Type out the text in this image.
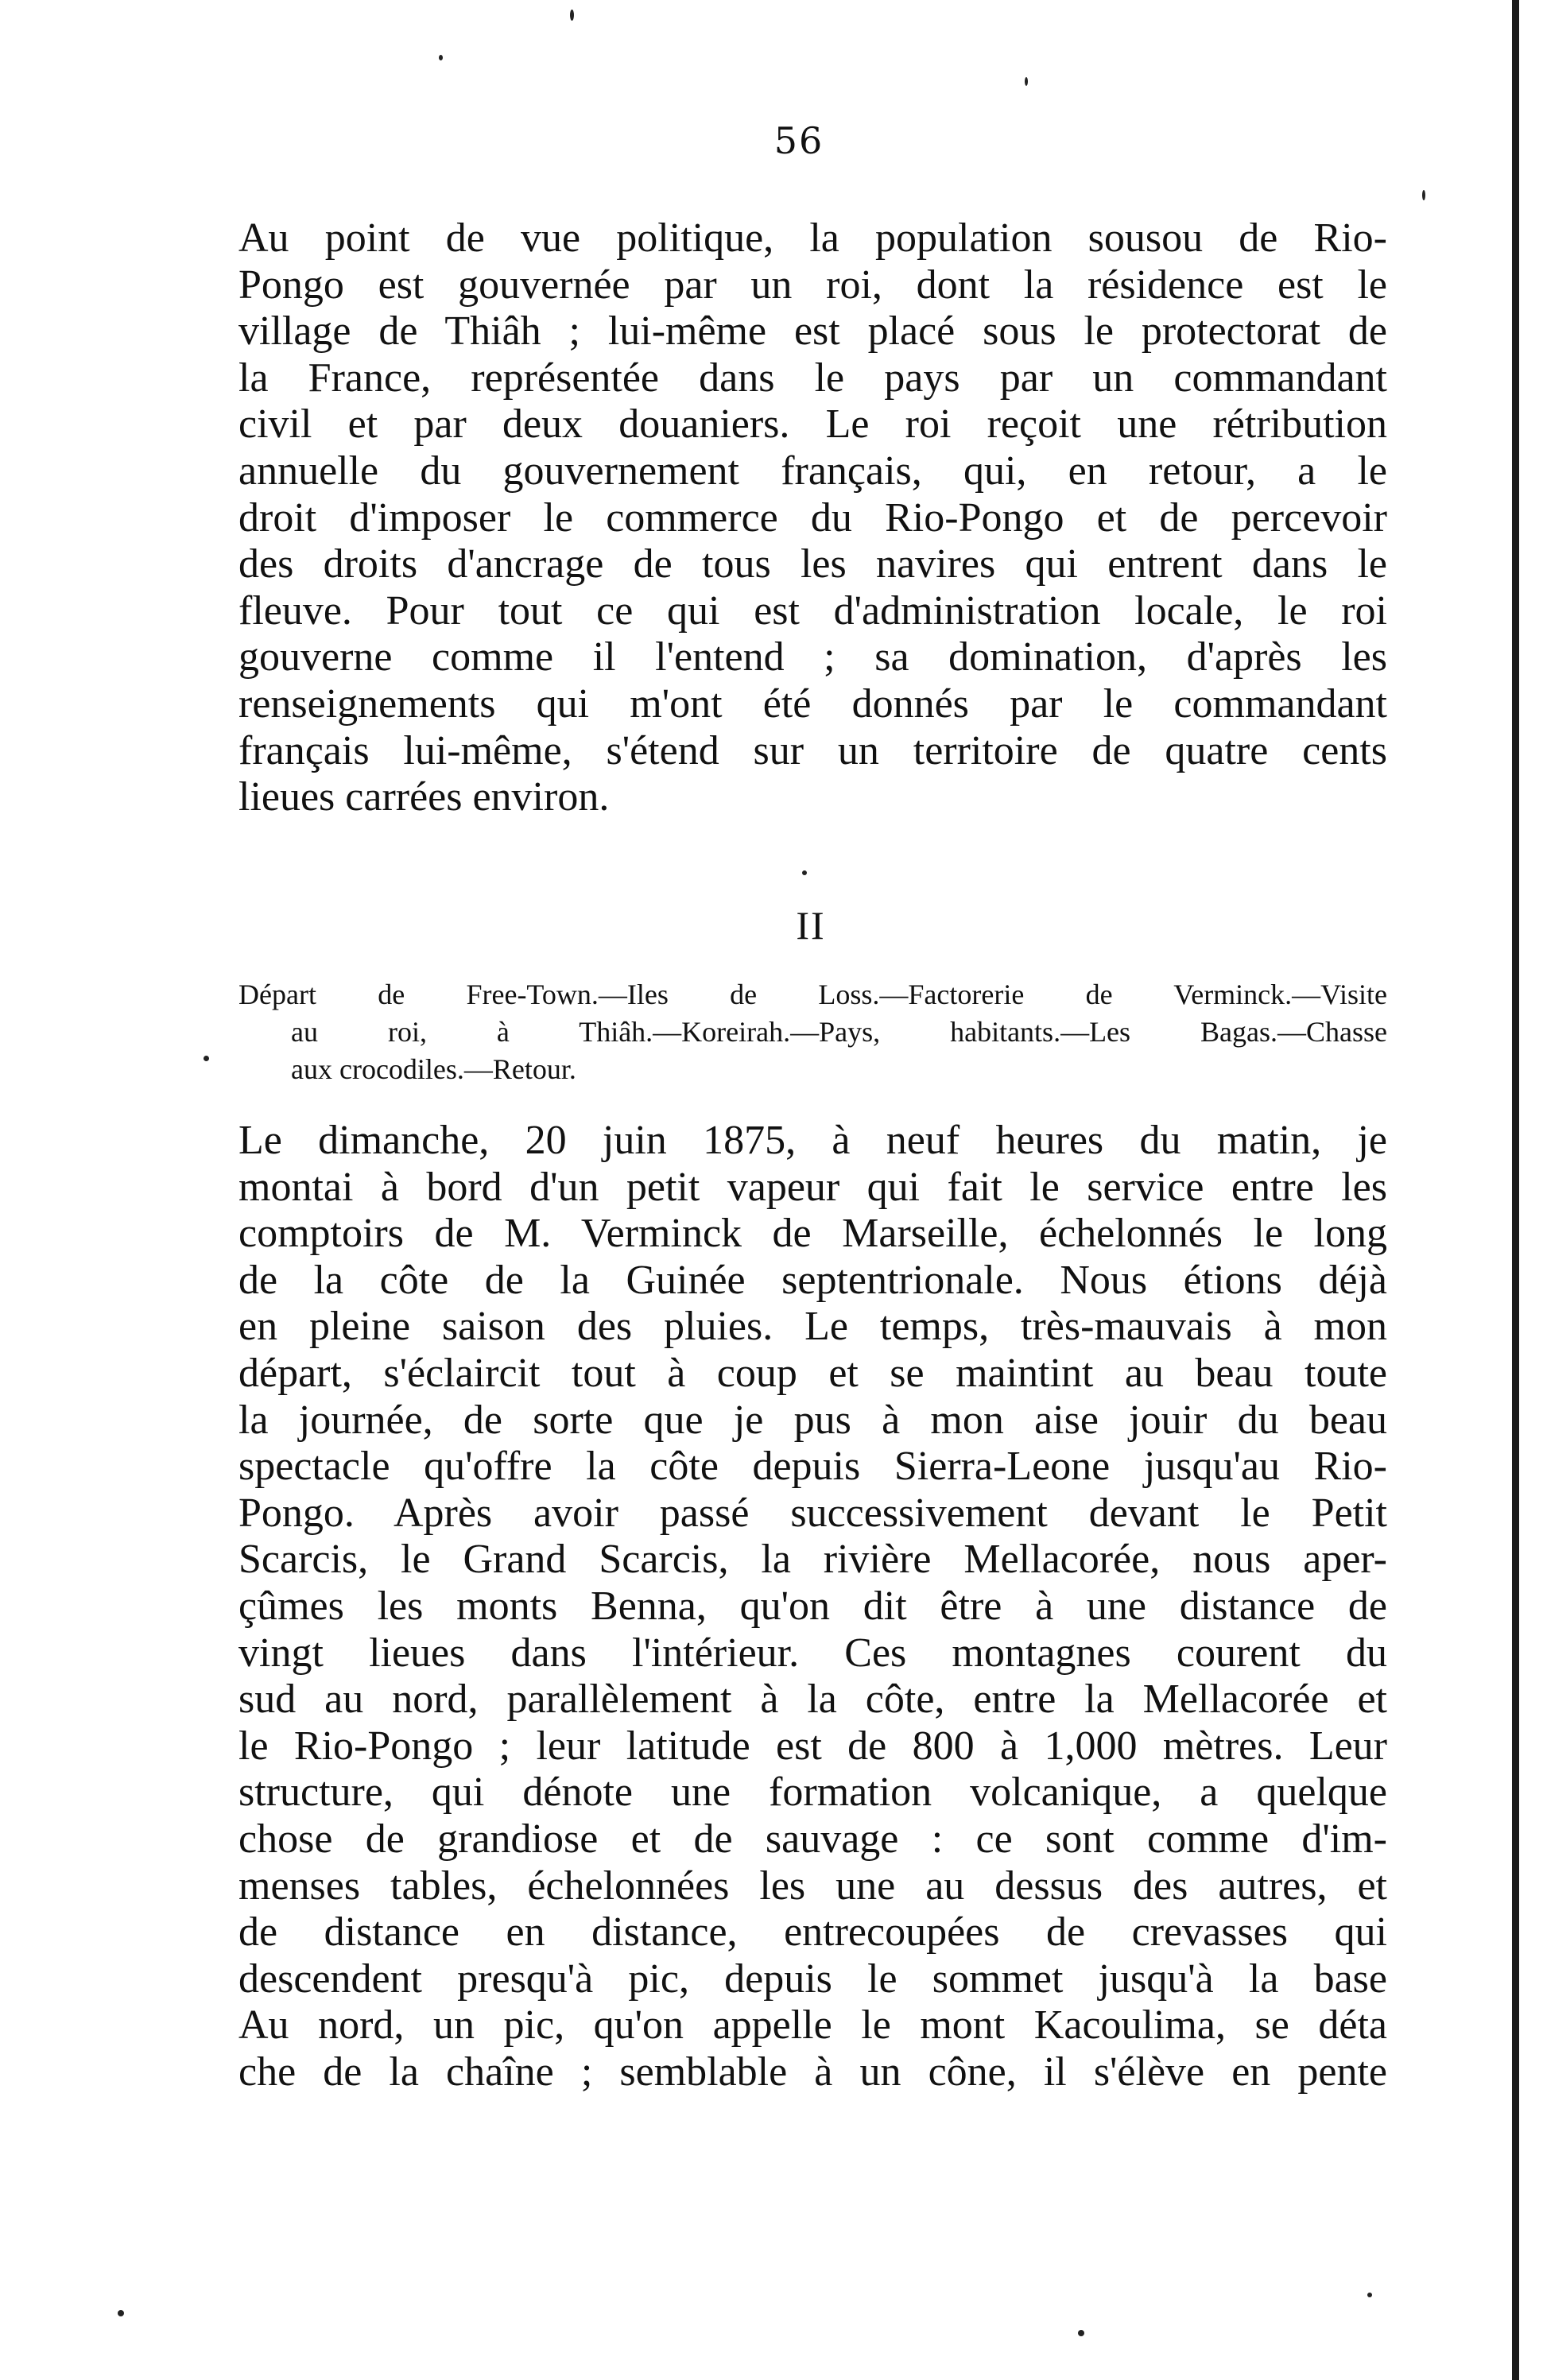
56
Au point de vue politique, la population sousou de Rio-
Pongo est gouvernée par un roi, dont la résidence est le
village de Thiâh ; lui-même est placé sous le protectorat de
la France, représentée dans le pays par un commandant
civil et par deux douaniers. Le roi reçoit une rétribution
annuelle du gouvernement français, qui, en retour, a le
droit d'imposer le commerce du Rio-Pongo et de percevoir
des droits d'ancrage de tous les navires qui entrent dans le
fleuve. Pour tout ce qui est d'administration locale, le roi
gouverne comme il l'entend ; sa domination, d'après les
renseignements qui m'ont été donnés par le commandant
français lui-même, s'étend sur un territoire de quatre cents
lieues carrées environ.
II
Départ de Free-Town.—Iles de Loss.—Factorerie de Verminck.—Visite
au roi, à Thiâh.—Koreirah.—Pays, habitants.—Les Bagas.—Chasse
aux crocodiles.—Retour.
Le dimanche, 20 juin 1875, à neuf heures du matin, je
montai à bord d'un petit vapeur qui fait le service entre les
comptoirs de M. Verminck de Marseille, échelonnés le long
de la côte de la Guinée septentrionale. Nous étions déjà
en pleine saison des pluies. Le temps, très-mauvais à mon
départ, s'éclaircit tout à coup et se maintint au beau toute
la journée, de sorte que je pus à mon aise jouir du beau
spectacle qu'offre la côte depuis Sierra-Leone jusqu'au Rio-
Pongo. Après avoir passé successivement devant le Petit
Scarcis, le Grand Scarcis, la rivière Mellacorée, nous aper-
çûmes les monts Benna, qu'on dit être à une distance de
vingt lieues dans l'intérieur. Ces montagnes courent du
sud au nord, parallèlement à la côte, entre la Mellacorée et
le Rio-Pongo ; leur latitude est de 800 à 1,000 mètres. Leur
structure, qui dénote une formation volcanique, a quelque
chose de grandiose et de sauvage : ce sont comme d'im-
menses tables, échelonnées les une au dessus des autres, et
de distance en distance, entrecoupées de crevasses qui
descendent presqu'à pic, depuis le sommet jusqu'à la base
Au nord, un pic, qu'on appelle le mont Kacoulima, se déta
che de la chaîne ; semblable à un cône, il s'élève en pente
